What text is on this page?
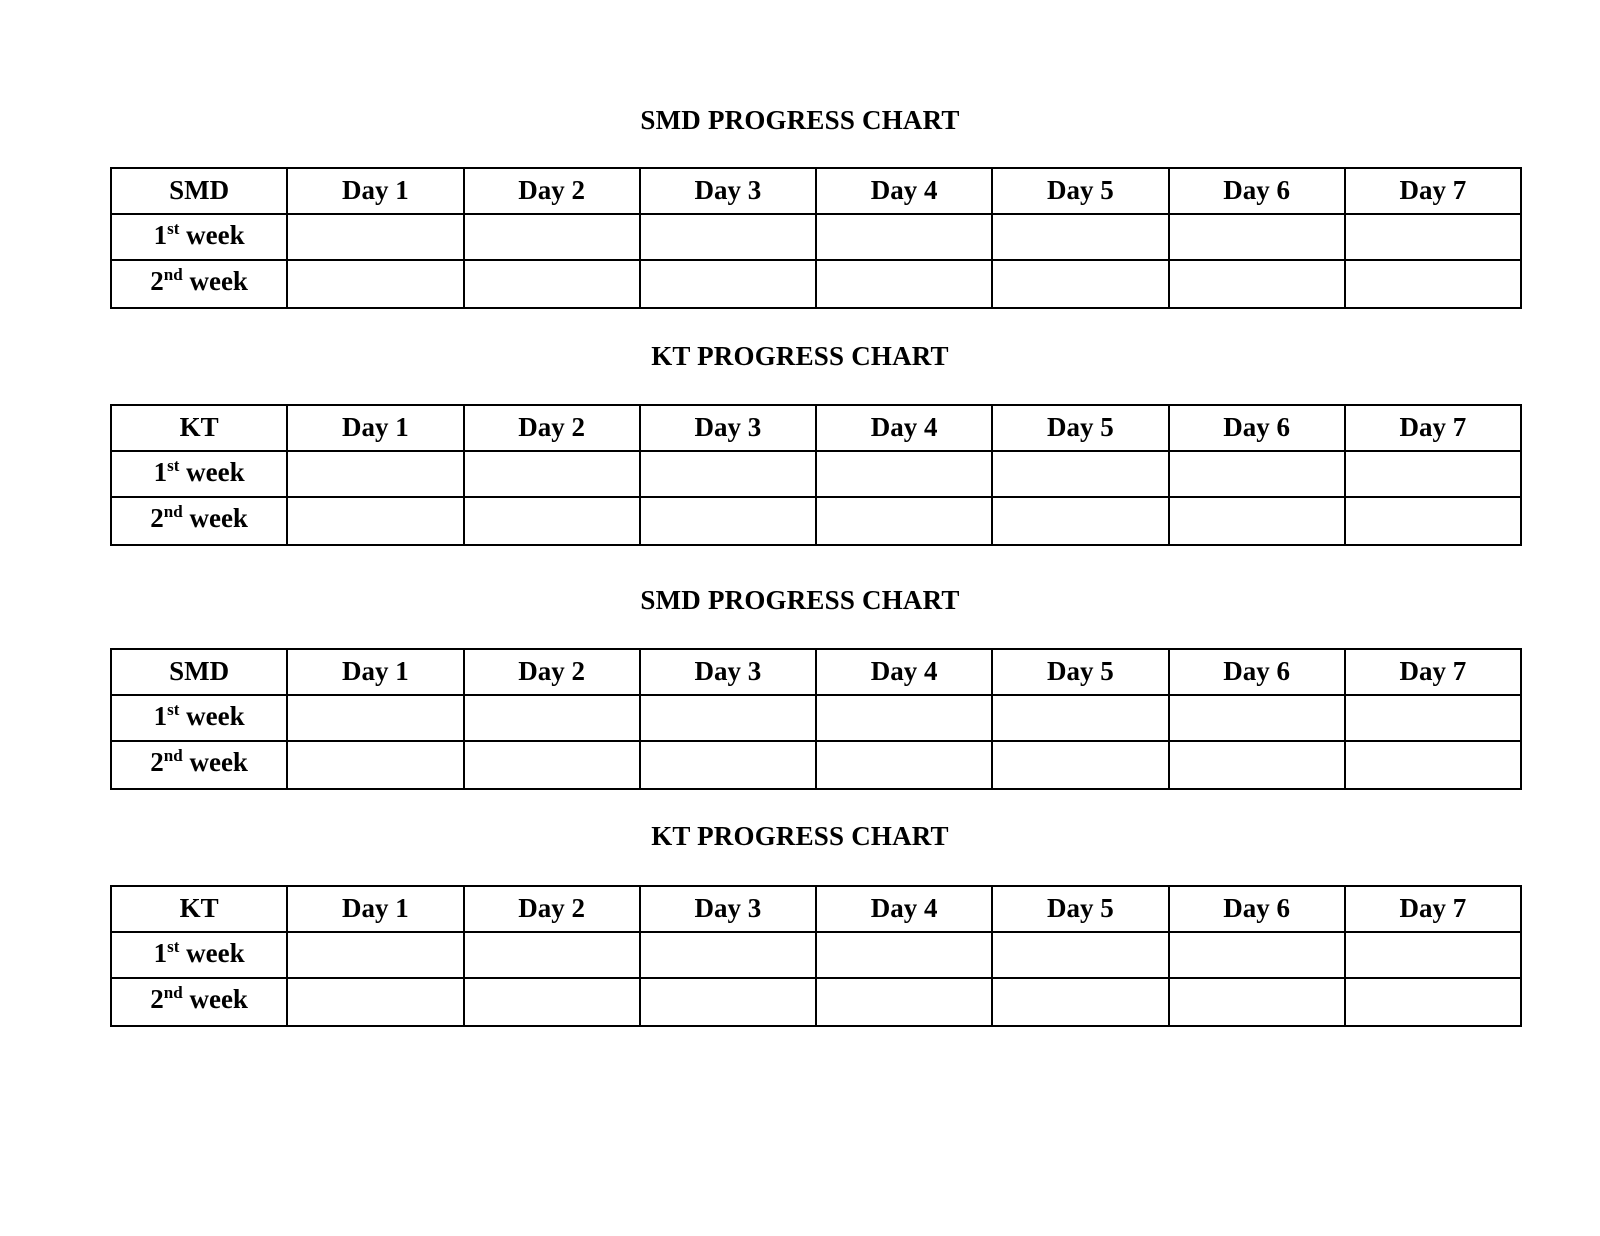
SMD PROGRESS CHART
SMD	Day 1	Day 2	Day 3	Day 4	Day 5	Day 6	Day 7
1st week							
2nd week							
KT PROGRESS CHART
KT	Day 1	Day 2	Day 3	Day 4	Day 5	Day 6	Day 7
1st week							
2nd week							
SMD PROGRESS CHART
SMD	Day 1	Day 2	Day 3	Day 4	Day 5	Day 6	Day 7
1st week							
2nd week							
KT PROGRESS CHART
KT	Day 1	Day 2	Day 3	Day 4	Day 5	Day 6	Day 7
1st week							
2nd week							
